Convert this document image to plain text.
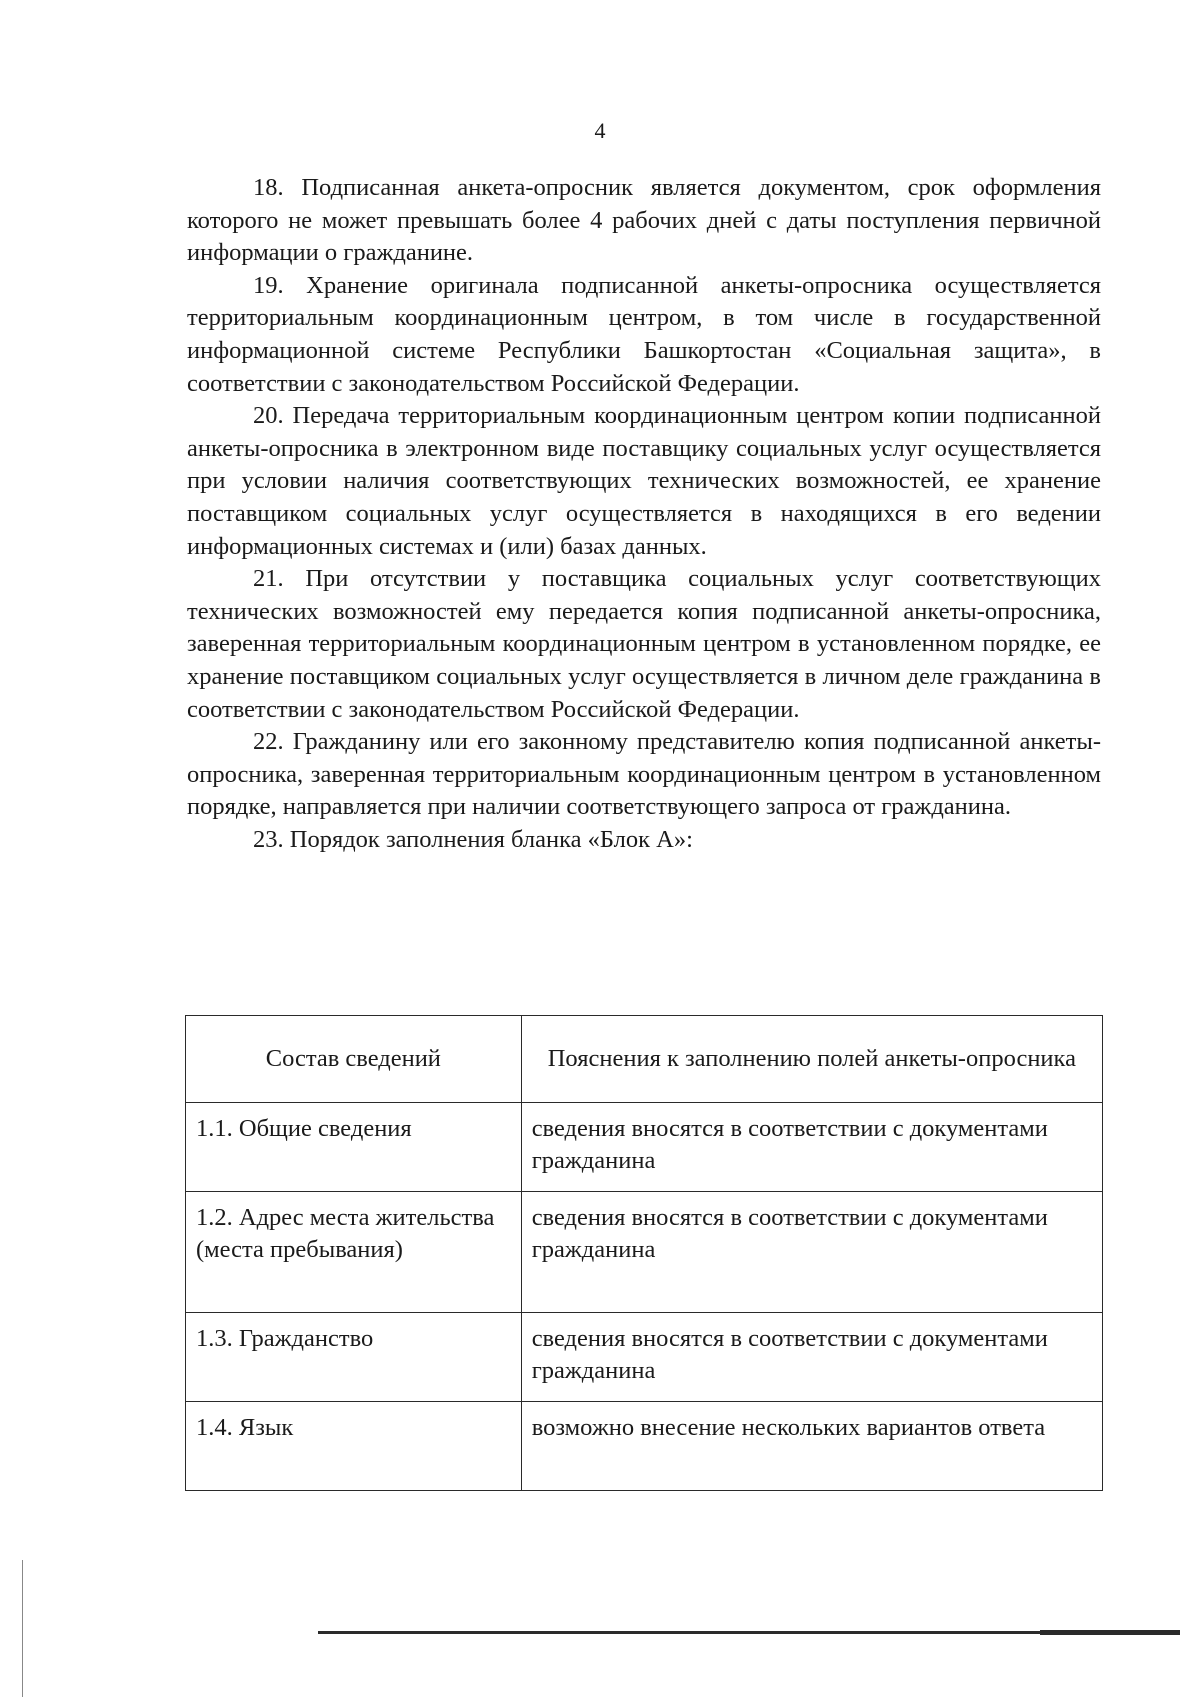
4

18. Подписанная анкета-опросник является документом, срок оформления которого не может превышать более 4 рабочих дней с даты поступления первичной информации о гражданине.

19. Хранение оригинала подписанной анкеты-опросника осуществляется территориальным координационным центром, в том числе в государственной информационной системе Республики Башкортостан «Социальная защита», в соответствии с законодательством Российской Федерации.

20. Передача территориальным координационным центром копии подписанной анкеты-опросника в электронном виде поставщику социальных услуг осуществляется при условии наличия соответствующих технических возможностей, ее хранение поставщиком социальных услуг осуществляется в находящихся в его ведении информационных системах и (или) базах данных.

21. При отсутствии у поставщика социальных услуг соответствующих технических возможностей ему передается копия подписанной анкеты-опросника, заверенная территориальным координационным центром в установленном порядке, ее хранение поставщиком социальных услуг осуществляется в личном деле гражданина в соответствии с законодательством Российской Федерации.

22. Гражданину или его законному представителю копия подписанной анкеты-опросника, заверенная территориальным координационным центром в установленном порядке, направляется при наличии соответствующего запроса от гражданина.

23. Порядок заполнения бланка «Блок А»:

Состав сведений	Пояснения к заполнению полей анкеты-опросника
1.1. Общие сведения	сведения вносятся в соответствии с документами гражданина
1.2. Адрес места жительства (места пребывания)	сведения вносятся в соответствии с документами гражданина
1.3. Гражданство	сведения вносятся в соответствии с документами гражданина
1.4. Язык	возможно внесение нескольких вариантов ответа
